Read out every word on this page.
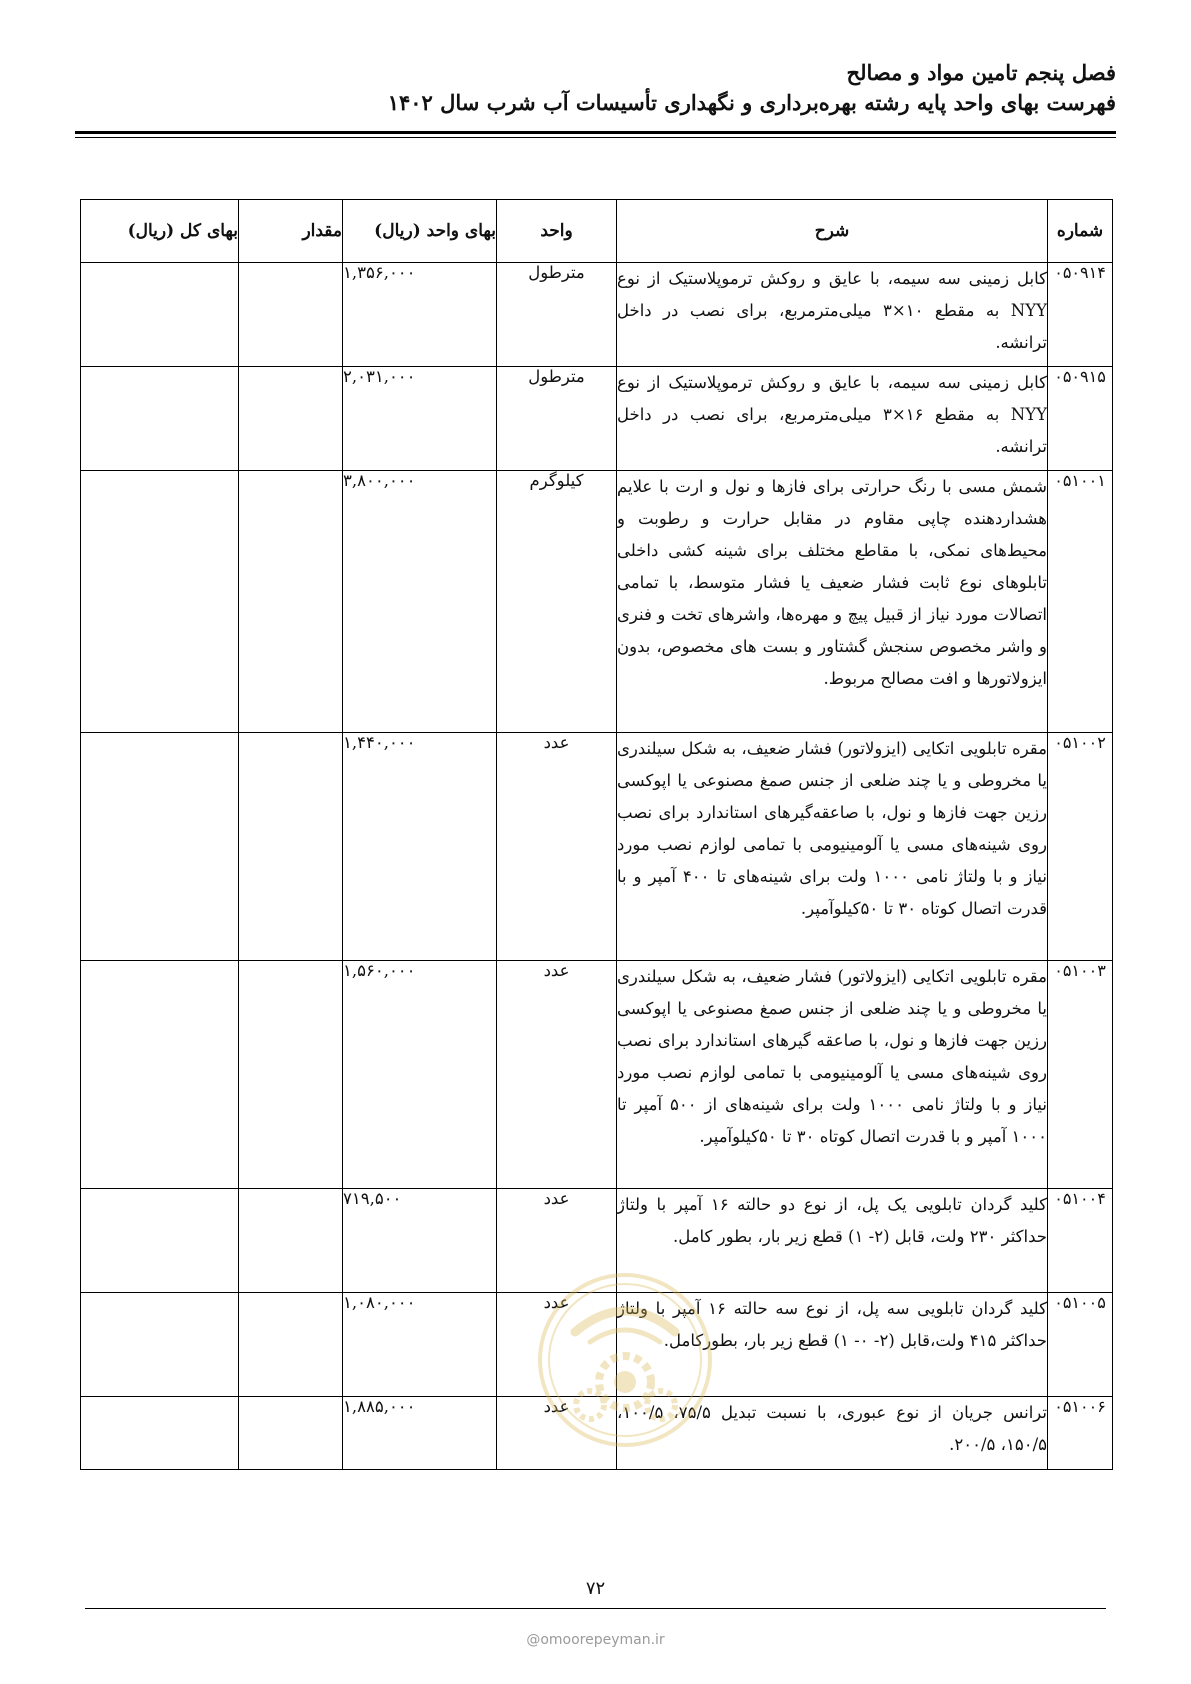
فصل پنجم تامین مواد و مصالح
فهرست بهای واحد پایه رشته بهره‌برداری و نگهداری تأسیسات آب شرب سال ۱۴۰۲
شماره	شرح	واحد	بهای واحد (ریال)	مقدار	بهای کل (ریال)
۰۵۰۹۱۴	کابل زمینی سه سیمه، با عایق و روکش ترموپلاستیک از نوع NYY به مقطع ۱۰×۳ میلی‌مترمربع، برای نصب در داخل ترانشه.	مترطول	۱,۳۵۶,۰۰۰		
۰۵۰۹۱۵	کابل زمینی سه سیمه، با عایق و روکش ترموپلاستیک از نوع NYY به مقطع ۱۶×۳ میلی‌مترمربع، برای نصب در داخل ترانشه.	مترطول	۲,۰۳۱,۰۰۰		
۰۵۱۰۰۱	شمش مسی با رنگ حرارتی برای فازها و نول و ارت با علایم هشداردهنده چاپی مقاوم در مقابل حرارت و رطوبت و محیط‌های نمکی، با مقاطع مختلف برای شینه کشی داخلی تابلوهای نوع ثابت فشار ضعیف یا فشار متوسط، با تمامی اتصالات مورد نیاز از قبیل پیچ و مهره‌ها، واشرهای تخت و فنری و واشر مخصوص سنجش گشتاور و بست های مخصوص، بدون ایزولاتورها و افت مصالح مربوط.	کیلوگرم	۳,۸۰۰,۰۰۰		
۰۵۱۰۰۲	مقره تابلویی اتکایی (ایزولاتور) فشار ضعیف، به شکل سیلندری یا مخروطی و یا چند ضلعی از جنس صمغ مصنوعی یا اپوکسی رزین جهت فازها و نول، با صاعقه‌گیرهای استاندارد برای نصب روی شینه‌های مسی یا آلومینیومی با تمامی لوازم نصب مورد نیاز و با ولتاژ نامی ۱۰۰۰ ولت برای شینه‌های تا ۴۰۰ آمپر و با قدرت اتصال کوتاه ۳۰ تا ۵۰کیلوآمپر.	عدد	۱,۴۴۰,۰۰۰		
۰۵۱۰۰۳	مقره تابلویی اتکایی (ایزولاتور) فشار ضعیف، به شکل سیلندری یا مخروطی و یا چند ضلعی از جنس صمغ مصنوعی یا اپوکسی رزین جهت فازها و نول، با صاعقه گیرهای استاندارد برای نصب روی شینه‌های مسی یا آلومینیومی با تمامی لوازم نصب مورد نیاز و با ولتاژ نامی ۱۰۰۰ ولت برای شینه‌های از ۵۰۰ آمپر تا ۱۰۰۰ آمپر و با قدرت اتصال کوتاه ۳۰ تا ۵۰کیلوآمپر.	عدد	۱,۵۶۰,۰۰۰		
۰۵۱۰۰۴	کلید گردان تابلویی یک پل، از نوع دو حالته ۱۶ آمپر با ولتاژ حداکثر ۲۳۰ ولت، قابل (۲- ۱) قطع زیر بار، بطور کامل.	عدد	۷۱۹,۵۰۰		
۰۵۱۰۰۵	کلید گردان تابلویی سه پل، از نوع سه حالته ۱۶ آمپر با ولتاژ حداکثر ۴۱۵ ولت،قابل (۲- ۰- ۱) قطع زیر بار، بطورکامل.	عدد	۱,۰۸۰,۰۰۰		
۰۵۱۰۰۶	ترانس جریان از نوع عبوری، با نسبت تبدیل ۷۵/۵، ۱۰۰/۵، ۱۵۰/۵، ۲۰۰/۵.	عدد	۱,۸۸۵,۰۰۰		
۷۲
@omoorepeyman.ir
